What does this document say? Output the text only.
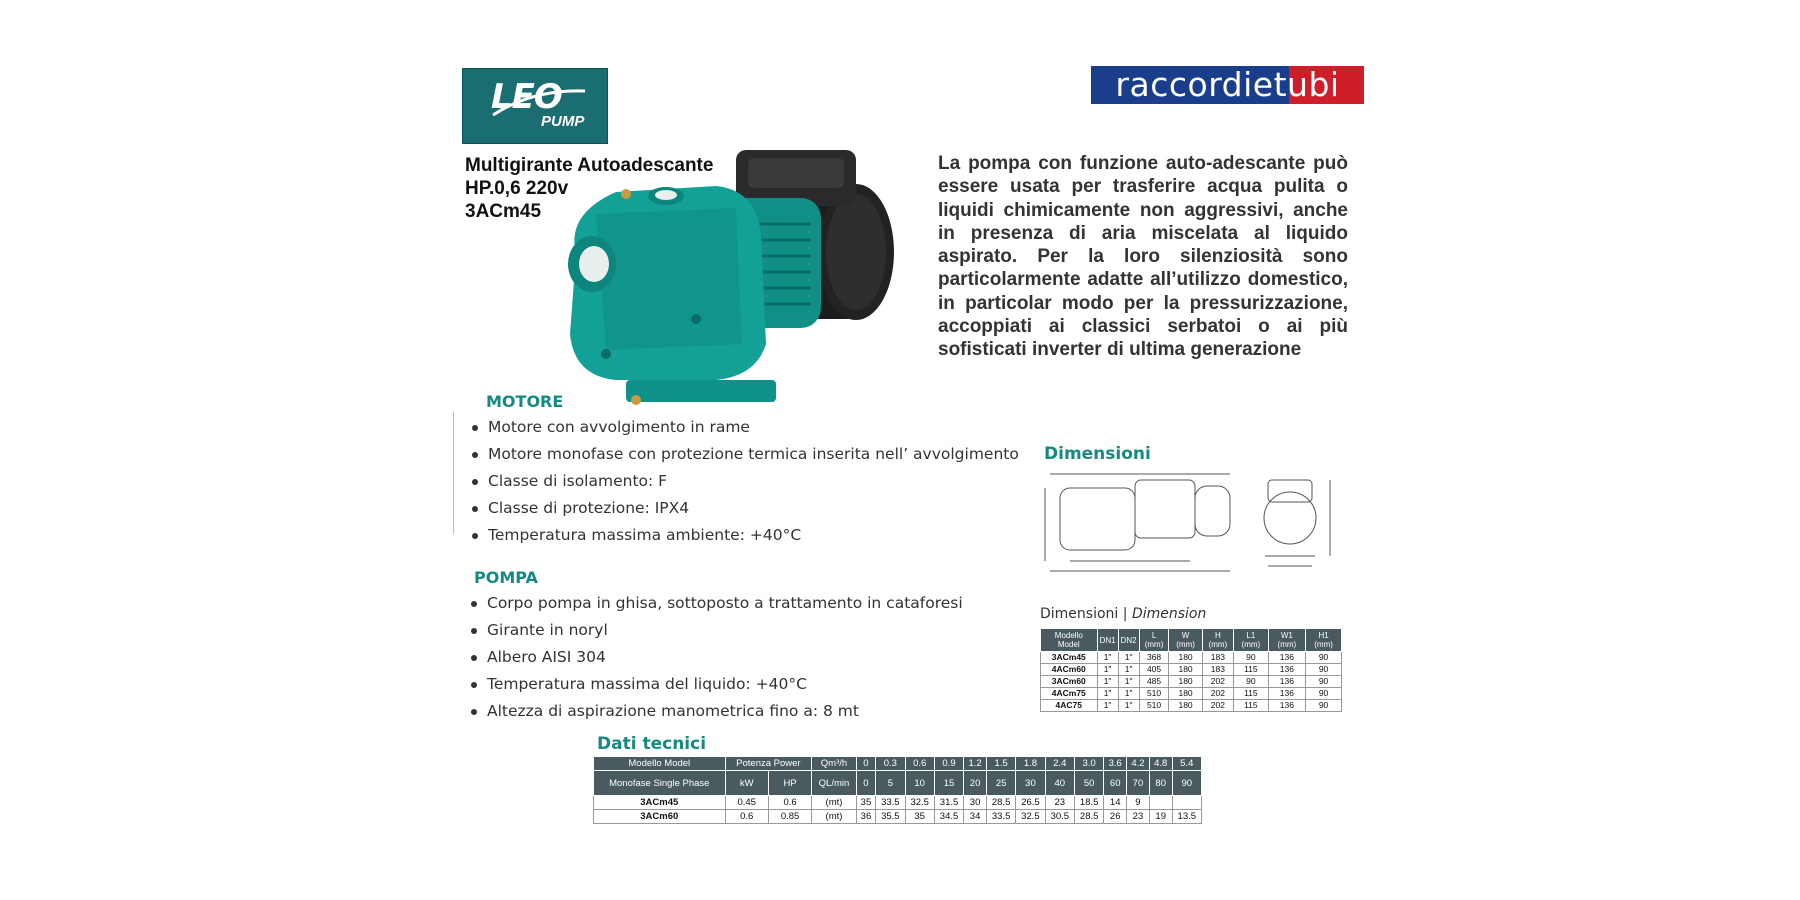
LEO
PUMP
raccordietubi
Multigirante Autoadescante
HP.0,6 220v
3ACm45
La pompa con funzione auto-adescante può essere usata per trasferire acqua pulita o liquidi chimicamente non aggressivi, anche in presenza di aria miscelata al liquido aspirato. Per la loro silenziosità sono particolarmente adatte all’utilizzo domestico, in particolar modo per la pressurizzazione, accoppiati ai classici serbatoi o ai più sofisticati inverter di ultima generazione
MOTORE
Motore con avvolgimento in rame
Motore monofase con protezione termica inserita nell’ avvolgimento
Classe di isolamento: F
Classe di protezione: IPX4
Temperatura massima ambiente: +40°C
POMPA
Corpo pompa in ghisa, sottoposto a trattamento in cataforesi
Girante in noryl
Albero AISI 304
Temperatura massima del liquido: +40°C
Altezza di aspirazione manometrica fino a: 8 mt
Dimensioni
Dimensioni | Dimension
Modello Model	DN1	DN2	L (mm)	W (mm)	H (mm)	L1 (mm)	W1 (mm)	H1 (mm)
3ACm45	1"	1"	368	180	183	90	136	90
4ACm60	1"	1"	405	180	183	115	136	90
3ACm60	1"	1"	485	180	202	90	136	90
4ACm75	1"	1"	510	180	202	115	136	90
4AC75	1"	1"	510	180	202	115	136	90
Dati tecnici
Modello Model	Potenza Power		Qm³/h	0	0.3	0.6	0.9	1.2	1.5	1.8	2.4	3.0	3.6	4.2	4.8	5.4
Monofase Single Phase	kW	HP	QL/min	0	5	10	15	20	25	30	40	50	60	70	80	90
3ACm45	0.45	0.6	(mt)	35	33.5	32.5	31.5	30	28.5	26.5	23	18.5	14	9		
3ACm60	0.6	0.85	(mt)	36	35.5	35	34.5	34	33.5	32.5	30.5	28.5	26	23	19	13.5
